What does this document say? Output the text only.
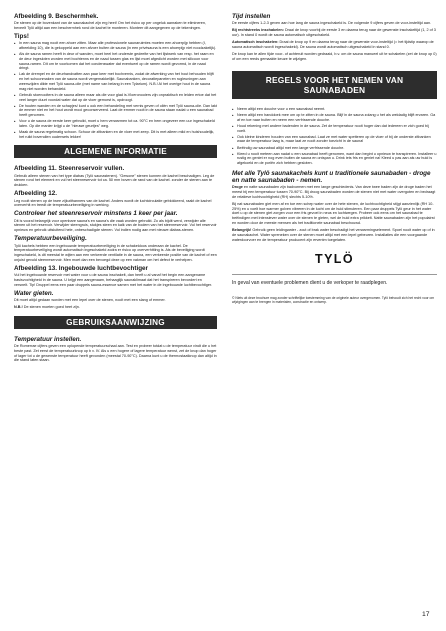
Afbeelding 9. Beschermhek.

De stenen op de bovenkant van de saunakachel zijn erg heet! Om het risico op per ongeluk aanraken te elimineren, beveelt Tylö altijd aan een beschermhek rond de kachel te monteren. Monteer dit aangegeven op de tekeningen.

Tips!
• In een sauna mag nooit een ahoer zitten. Maar alle professionele saunaruimtes moeten een ahoerpijp hebben (I, afbeelding 10), die is gekoppeld aan een afvoer buiten de sauna (in een privésauna is een ahoerpijp niet noodzakelijk).
• Als de sauna ramen heeft in deur of wanden, moet heel het onderste gedeelte van het lijstwerk van resp. het raam en de deur ingesloten worden met bochtenns en de naad tussen glas en lijst moet afgedicht worden met silicoon voor sauna-ramen. Dit om te voorkomen dat het condenswater dat eventueel op de ramen wordt gevormd, in de naad dringt.
• Lak de drempel en de deurhandvatten aan paar keer met bochvernis, zodat de afwerking van het hout behouden blijft en het schoonmaken van de sauna wordt vergemakkelijkt. Saunabanken, decoratiepanelen en rugleuningen aan weerszijden dikte met Tylö sauna-olie (met name van belang in een Tylarium). N.B.! Al het overige hout in de sauna mag niet worden behandeld.
• Gebruik stoenooiters in de sauna alleen maar als die voor glad is.Vloeronooiers zijn onpraktisch en leiden ertoe dat het veel langer duurt voordat water dat op de vloer gemorst is, opdroogt.
• De houten wanden en de schapjes/ kunt u ook een behandeling met vernis geven of olién met Tylö sauna-olie. Dan lakt de emmer niet en het hout wordt mooi geconserveerd. Laat de emmer nooit in de sauna staan nadat u een saunabad heeft genomen.
• Voor u de sauna de eerste keer gebruikt, moet u hem verwarmen tot ca. 90°C en hem ongeveer een uur ingeschakeld laten. Op die manier krijgt u de "nieuwe geurtjes" weg.
• Maak de sauna regelmatig schoon. Schuur de zitbanken en de vloer met zeep. Dit is met alleen mild en huishoudelijk, het ruikt bovendien ouderwets lekker!
ALGEMENE INFORMATIE
Afbeelding 11. Steenreservoir vullen.

Gebruik alleen stenen van het type diabas (Tylö saunastenen). "Gewone" stenen kunnen de kachel beschadigen. Leg de stenen rond het element en vul het steenreservoir tot ca. 50 mm boven de rand van de kachel. zonder de stenen aan te drukken.

Afbeelding 12.

Leg nooit stenen op de twee zijkutthanners van de kachel. Anders wordt de luchtcirculatie geblokkeerd, raakt de kachel oververhit en treedt de temperatuurbeveiliging in werking.

Controleer het steenreservoir minstens 1 keer per jaar.

Dit is vooral belangrijk voor openbare sauna's en sauna's die vaak worden gebruikt. Zo als bijdit werd, verwijder alle stenen uit het reservoir. Verwijder steengruis, stukjes steen en kalk van de bodem van het steenreservoir. Vul het reservoir opnieuw en gebruik uitsluitend hele, onbeschadigde stenen. Vul indien nodig aan met nieuwe diabas-stenen.

Temperatuurbeveiliging.

Tylö kachels hebben een ingebouwde temperatuurbeveiliging in de schakeldoos onderaan de kachel. De temperatuurbeveiliging wordt automatisch ingeschakeld zodra er risico op oververhitting is. Als de beveiliging wordt ingeschakeld, is dit meestal te wijten aan een verkeerde ventilatie in de sauna, een verkeerde positie van de kachel of een onjuist gevuld steenreservoir. Men moet dan een bevoegd deze op een vakman om het defect te verhelpen.

Afbeelding 13. Ingebouwde luchtbevochtiger

Vul het ingebouwde reservoir met water voor u de sauna inschakelt, dan heeft u al vanaf het begin een aangename basisvochtigheid in de sauna. U krijgt een aangenaam, behaaglijk saunaklimaat dat het transpireren bevordert en versnelt. Tip! Druppel eens een paar druppels sauna-essence samen met het water in de ingebouwde luchtbevochtiger.

Water gieten.

Dit moet altijd gedaan worden met een lepel over de stenen, nooit met een slang of emmer.

N.B.! De stenen moeten goed heet zijn.

GEBRUIKSAANWIJZING
Temperatuur instellen.

De Romerrae cijfers geven een oplopende temperatuurschaal aan. Test en probeer totdat u de temperatuur vindt die u het beste past. Zet eerst de temperatuurknop op b v. IV. Als u een hogere of lagere temperatuur wenst, zet de knop dan hoger of lager tot u de gewenste temperatuur heeft gevonden (meestal 70-90°C). Daarna kunt u de thermostaatknop dan altijd in die stand laten staan.

Tijd instellen

De eerste cijfers 1-2-3 geven aan hoe lang de sauna ingeschakeld is. De volgende 9 cijfers geven de voor-insteltijd aan.

Bij rechtstreeks inschakelen: Draai de knop voorbij de eerste 3 en daarna terug naar de gewenste inschakeltijd (1, 2 of 3 uur). In stand 0 wordt de sauna automatisch uitgeschakeld.

Automatisch inschakelen: Draai de knop op 9 en daarna terug naar de gewenste voor-insteltijd (= het tijdstip waarop de sauna automatisch wordt ingeschakeld). De sauna wordt automatisch uitgeschakeld in stand 0.

De knop kan te allen tijde voor- of achteruit worden gedraaid, b.v. om de sauna manueel uit te schakelen (zet de knop op 0) of om een reeds gemaakte keuze te wijzigen.

REGELS VOOR HET NEMEN VAN SAUNABADEN
• Neem altijd een douche voor u een saunabad neemt.
• Neem altijd een handdoek mee om op te zitten in de sauna. Blijf in de sauna zolang u het als weldadig blijft ervaren. Ga af en toe naar buiten en neem een verfrissende douche.
• Houd rekening met andere badenden in de sauna. Zet de temperatuur nooit hoger dan dat iedereen er zich goed bij voelt.
• Ook kleine kinderen houden van een saunabad. Laat ze met water spetteren op de vloer of bij de onderste zitbanken waar de temperatuur laag is, maar laat ze nooit zonder toezicht in de sauna!
• Beëindig uw saunabad altijd met een lange verfrissende douche.
• Kleed u nooit meteen aan nadat u een saunabad heeft genomen, want dan begint u opnieuw te transpireren. Installeer u rustig en geniet er nog even buiten de sauna en ontspan u. Drink iets fris en geniet na! Kleed u pas aan als uw huid is afgekoeld en de poriën zich hebben gesloten.
Met alle Tylö saunakachels kunt u traditionele saunabaden - droge en natte saunabaden - nemen.

Droge en natte saunabaden zijn badvormen met een lange geschiedenis. Van deze twee baden zijn de droge baden het meest bij een temperatuur tussen 70-90°C. Bij droog saunabaden worden de stenen niet met water overgoten en bedraagt de relatieve luchtvochtigheid (RH) slechts 5-10%.

Bij nat saunabaden giet men af en toe een schep water over de hete stenen, de luchtvochtigheid stijgt aanzienlijk (RH 10-25%) en u voelt hoe warmer golven vibreren in de lucht om de huid stimuleren. Een paar druppels Tylö geur in het water doet u op de stenen giet zorgen voor een fris gevoel in neus en luchtwegen. Probeer ook eens om het saunabad te beëindigen met intensiever water over de stenen te gieten, wel de huid extra prikkelt. Natte saunabaden zijn het populairst en worden door de meeste mensen als het traditionele saunabad beschouwd.

Belangrijk! Gebruik geen leidingwater - zout of brak water beschadigt het verwarmingselement. Spoel nooit water op of in de saunakachel. Water spreneken over de stenen moet altijd met een lepel gebeuren. Installaties die een voorgaande waterdoorvoer en de temperatuur producent zijn erventm toegelaten.

TYLÖ
In geval van eventuele problemen dient u de verkoper te raadplegen.
© Niets uit deze brochure mag zonder schriftelijke toestemming van de originele auteur overgenomen. Tylö behoudt zich het recht voor om wijzigingen aan te brengen in materialen, constructie en ontwerp.
17
